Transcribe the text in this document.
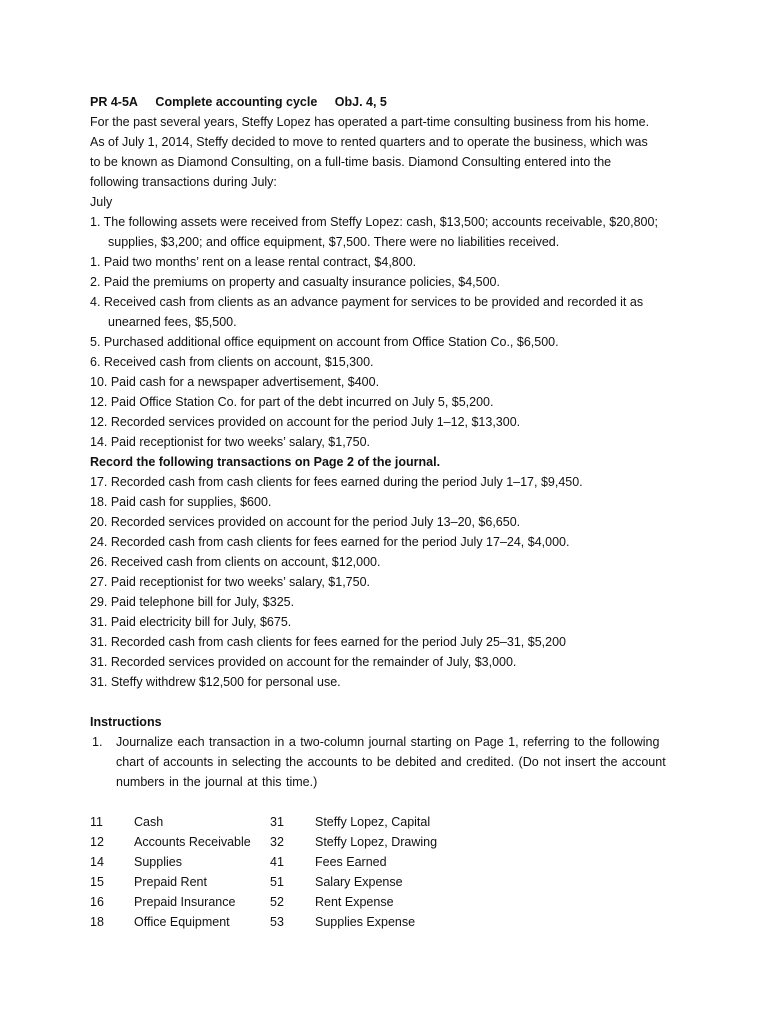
PR 4-5A Complete accounting cycle ObJ. 4, 5
For the past several years, Steffy Lopez has operated a part-time consulting business from his home.
As of July 1, 2014, Steffy decided to move to rented quarters and to operate the business, which was
to be known as Diamond Consulting, on a full-time basis. Diamond Consulting entered into the
following transactions during July:
July
1. The following assets were received from Steffy Lopez: cash, $13,500; accounts receivable, $20,800;
supplies, $3,200; and office equipment, $7,500. There were no liabilities received.
1. Paid two months’ rent on a lease rental contract, $4,800.
2. Paid the premiums on property and casualty insurance policies, $4,500.
4. Received cash from clients as an advance payment for services to be provided and recorded it as
unearned fees, $5,500.
5. Purchased additional office equipment on account from Office Station Co., $6,500.
6. Received cash from clients on account, $15,300.
10. Paid cash for a newspaper advertisement, $400.
12. Paid Office Station Co. for part of the debt incurred on July 5, $5,200.
12. Recorded services provided on account for the period July 1–12, $13,300.
14. Paid receptionist for two weeks’ salary, $1,750.
Record the following transactions on Page 2 of the journal.
17. Recorded cash from cash clients for fees earned during the period July 1–17, $9,450.
18. Paid cash for supplies, $600.
20. Recorded services provided on account for the period July 13–20, $6,650.
24. Recorded cash from cash clients for fees earned for the period July 17–24, $4,000.
26. Received cash from clients on account, $12,000.
27. Paid receptionist for two weeks’ salary, $1,750.
29. Paid telephone bill for July, $325.
31. Paid electricity bill for July, $675.
31. Recorded cash from cash clients for fees earned for the period July 25–31, $5,200
31. Recorded services provided on account for the remainder of July, $3,000.
31. Steffy withdrew $12,500 for personal use.
Instructions
1. Journalize each transaction in a two-column journal starting on Page 1, referring to the following chart of accounts in selecting the accounts to be debited and credited. (Do not insert the account numbers in the journal at this time.)
11	Cash	31	Steffy Lopez, Capital
12	Accounts Receivable	32	Steffy Lopez, Drawing
14	Supplies	41	Fees Earned
15	Prepaid Rent	51	Salary Expense
16	Prepaid Insurance	52	Rent Expense
18	Office Equipment	53	Supplies Expense
